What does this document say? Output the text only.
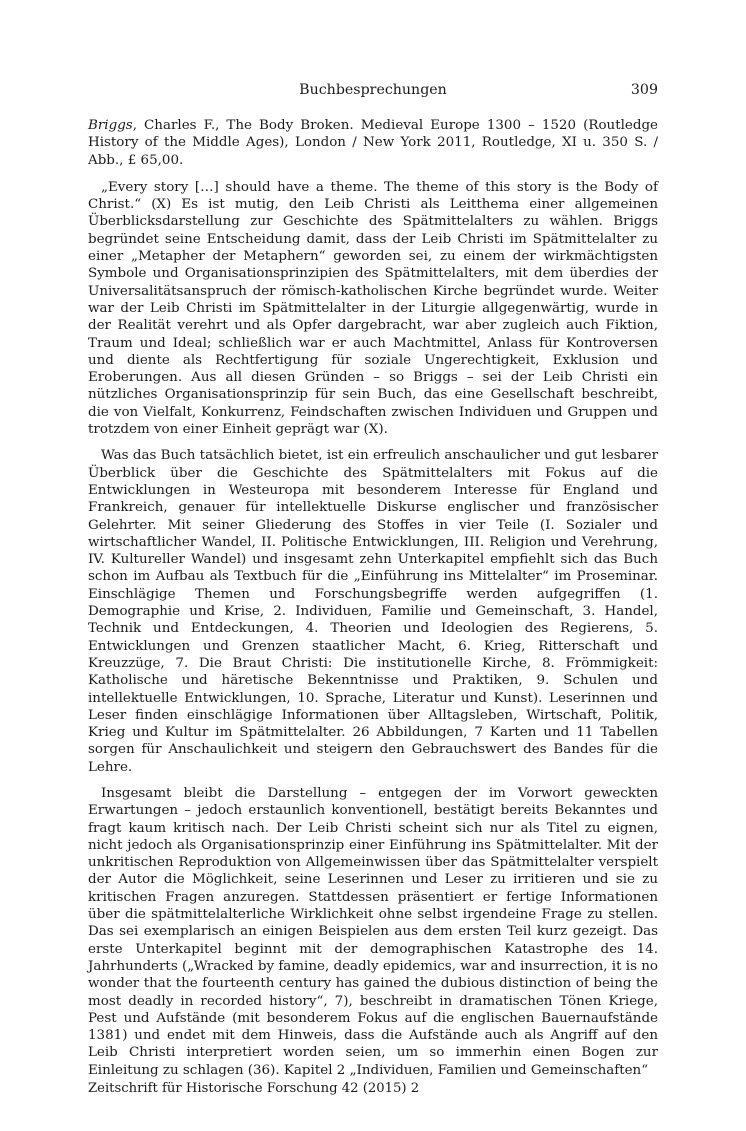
Buchbesprechungen	309

Briggs, Charles F., The Body Broken. Medieval Europe 1300 – 1520 (Routledge History of the Middle Ages), London / New York 2011, Routledge, XI u. 350 S. / Abb., £ 65,00.

„Every story […] should have a theme. The theme of this story is the Body of Christ.“ (X) Es ist mutig, den Leib Christi als Leitthema einer allgemeinen Überblicksdarstellung zur Geschichte des Spätmittelalters zu wählen. Briggs begründet seine Entscheidung damit, dass der Leib Christi im Spätmittelalter zu einer „Metapher der Metaphern“ geworden sei, zu einem der wirkmächtigsten Symbole und Organisationsprinzipien des Spätmittelalters, mit dem überdies der Universalitätsanspruch der römisch-katholischen Kirche begründet wurde. Weiter war der Leib Christi im Spätmittelalter in der Liturgie allgegenwärtig, wurde in der Realität verehrt und als Opfer dargebracht, war aber zugleich auch Fiktion, Traum und Ideal; schließlich war er auch Machtmittel, Anlass für Kontroversen und diente als Rechtfertigung für soziale Ungerechtigkeit, Exklusion und Eroberungen. Aus all diesen Gründen – so Briggs – sei der Leib Christi ein nützliches Organisationsprinzip für sein Buch, das eine Gesellschaft beschreibt, die von Vielfalt, Konkurrenz, Feindschaften zwischen Individuen und Gruppen und trotzdem von einer Einheit geprägt war (X).

Was das Buch tatsächlich bietet, ist ein erfreulich anschaulicher und gut lesbarer Überblick über die Geschichte des Spätmittelalters mit Fokus auf die Entwicklungen in Westeuropa mit besonderem Interesse für England und Frankreich, genauer für intellektuelle Diskurse englischer und französischer Gelehrter. Mit seiner Gliederung des Stoffes in vier Teile (I. Sozialer und wirtschaftlicher Wandel, II. Politische Entwicklungen, III. Religion und Verehrung, IV. Kultureller Wandel) und insgesamt zehn Unterkapitel empfiehlt sich das Buch schon im Aufbau als Textbuch für die „Einführung ins Mittelalter“ im Proseminar. Einschlägige Themen und Forschungsbegriffe werden aufgegriffen (1. Demographie und Krise, 2. Individuen, Familie und Gemeinschaft, 3. Handel, Technik und Entdeckungen, 4. Theorien und Ideologien des Regierens, 5. Entwicklungen und Grenzen staatlicher Macht, 6. Krieg, Ritterschaft und Kreuzzüge, 7. Die Braut Christi: Die institutionelle Kirche, 8. Frömmigkeit: Katholische und häretische Bekenntnisse und Praktiken, 9. Schulen und intellektuelle Entwicklungen, 10. Sprache, Literatur und Kunst). Leserinnen und Leser finden einschlägige Informationen über Alltagsleben, Wirtschaft, Politik, Krieg und Kultur im Spätmittelalter. 26 Abbildungen, 7 Karten und 11 Tabellen sorgen für Anschaulichkeit und steigern den Gebrauchswert des Bandes für die Lehre.

Insgesamt bleibt die Darstellung – entgegen der im Vorwort geweckten Erwartungen – jedoch erstaunlich konventionell, bestätigt bereits Bekanntes und fragt kaum kritisch nach. Der Leib Christi scheint sich nur als Titel zu eignen, nicht jedoch als Organisationsprinzip einer Einführung ins Spätmittelalter. Mit der unkritischen Reproduktion von Allgemeinwissen über das Spätmittelalter verspielt der Autor die Möglichkeit, seine Leserinnen und Leser zu irritieren und sie zu kritischen Fragen anzuregen. Stattdessen präsentiert er fertige Informationen über die spätmittelalterliche Wirklichkeit ohne selbst irgendeine Frage zu stellen. Das sei exemplarisch an einigen Beispielen aus dem ersten Teil kurz gezeigt. Das erste Unterkapitel beginnt mit der demographischen Katastrophe des 14. Jahrhunderts („Wracked by famine, deadly epidemics, war and insurrection, it is no wonder that the fourteenth century has gained the dubious distinction of being the most deadly in recorded history“, 7), beschreibt in dramatischen Tönen Kriege, Pest und Aufstände (mit besonderem Fokus auf die englischen Bauernaufstände 1381) und endet mit dem Hinweis, dass die Aufstände auch als Angriff auf den Leib Christi interpretiert worden seien, um so immerhin einen Bogen zur Einleitung zu schlagen (36). Kapitel 2 „Individuen, Familien und Gemeinschaften“

Zeitschrift für Historische Forschung 42 (2015) 2
